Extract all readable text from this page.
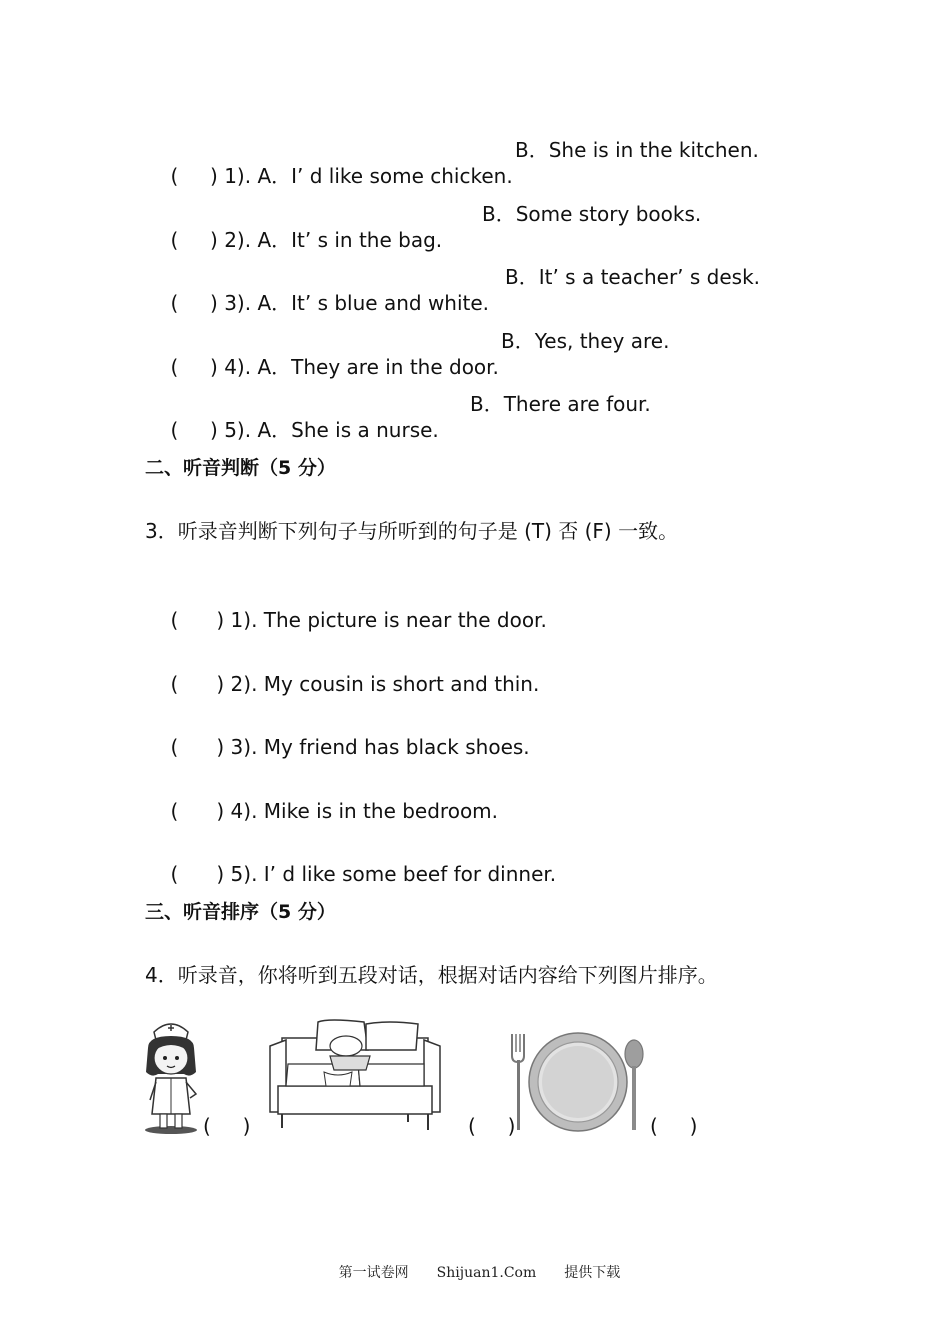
(     ) 1). A．I’ d like some chicken.

B．She is in the kitchen.

(     ) 2). A．It’ s in the bag.

B．Some story books.

(     ) 3). A．It’ s blue and white.

B．It’ s a teacher’ s desk.

(     ) 4). A．They are in the door.

B．Yes, they are.

(     ) 5). A．She is a nurse.

B．There are four.

二、听音判断（5 分）
3．听录音判断下列句子与所听到的句子是 (T) 否 (F) 一致。

(      ) 1). The picture is near the door.

(      ) 2). My cousin is short and thin.

(      ) 3). My friend has black shoes.

(      ) 4). Mike is in the bedroom.

(      ) 5). I’ d like some beef for dinner.

三、听音排序（5 分）
4．听录音，你将听到五段对话，根据对话内容给下列图片排序。
(     )	(     )	(     )

第一试卷网 Shijuan1.Com 提供下载
